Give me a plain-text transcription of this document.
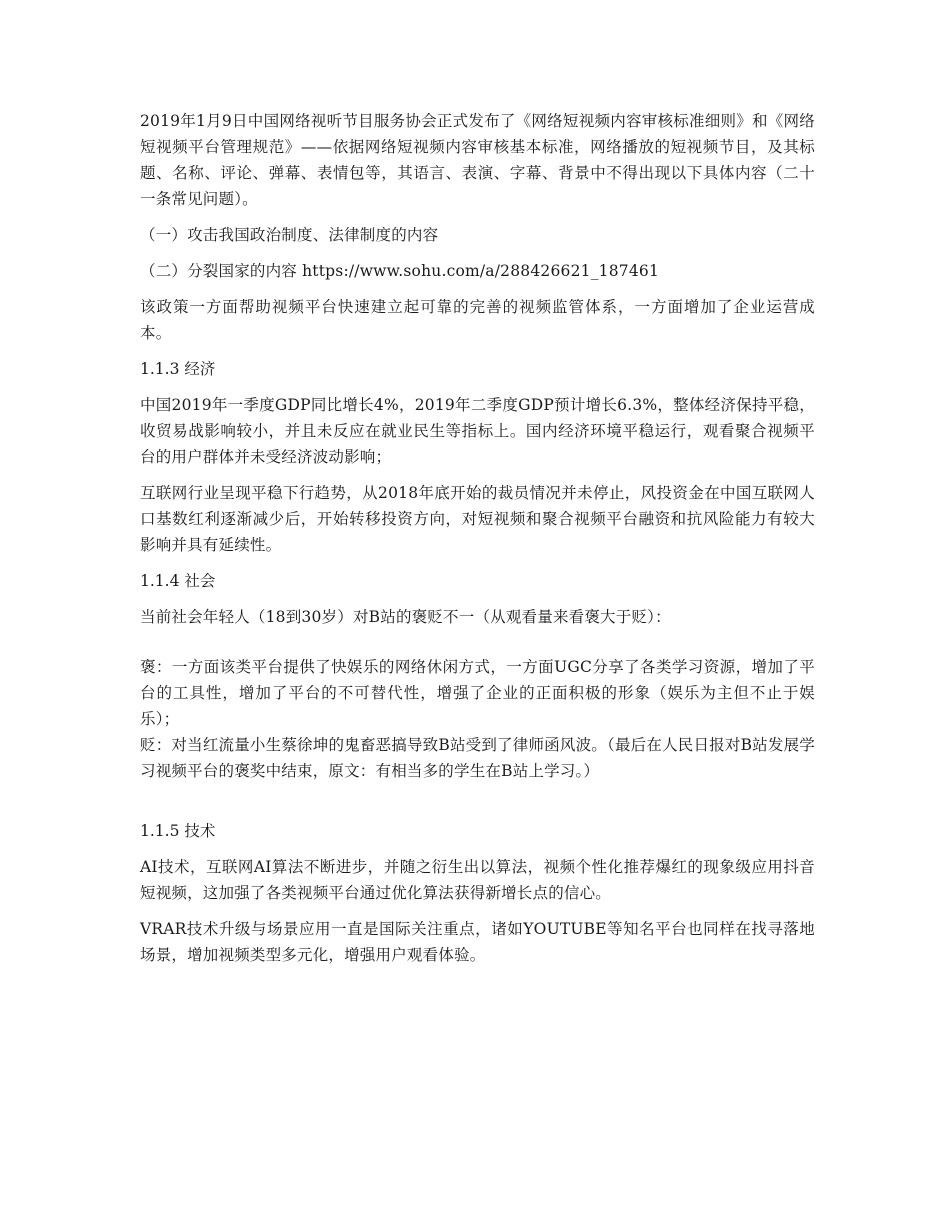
2019年1月9日中国网络视听节目服务协会正式发布了《网络短视频内容审核标准细则》和《网络短视频平台管理规范》——依据网络短视频内容审核基本标准，网络播放的短视频节目，及其标题、名称、评论、弹幕、表情包等，其语言、表演、字幕、背景中不得出现以下具体内容（二十一条常见问题）。

（一）攻击我国政治制度、法律制度的内容

（二）分裂国家的内容 https://www.sohu.com/a/288426621_187461

该政策一方面帮助视频平台快速建立起可靠的完善的视频监管体系，一方面增加了企业运营成本。

1.1.3 经济

中国2019年一季度GDP同比增长4%，2019年二季度GDP预计增长6.3%，整体经济保持平稳，收贸易战影响较小，并且未反应在就业民生等指标上。国内经济环境平稳运行，观看聚合视频平台的用户群体并未受经济波动影响；

互联网行业呈现平稳下行趋势，从2018年底开始的裁员情况并未停止，风投资金在中国互联网人口基数红利逐渐减少后，开始转移投资方向，对短视频和聚合视频平台融资和抗风险能力有较大影响并具有延续性。

1.1.4 社会

当前社会年轻人（18到30岁）对B站的褒贬不一（从观看量来看褒大于贬）：

褒：一方面该类平台提供了快娱乐的网络休闲方式，一方面UGC分享了各类学习资源，增加了平台的工具性，增加了平台的不可替代性，增强了企业的正面积极的形象（娱乐为主但不止于娱乐）；

贬：对当红流量小生蔡徐坤的鬼畜恶搞导致B站受到了律师函风波。（最后在人民日报对B站发展学习视频平台的褒奖中结束，原文：有相当多的学生在B站上学习。）

1.1.5 技术

AI技术，互联网AI算法不断进步，并随之衍生出以算法，视频个性化推荐爆红的现象级应用抖音短视频，这加强了各类视频平台通过优化算法获得新增长点的信心。

VRAR技术升级与场景应用一直是国际关注重点，诸如YOUTUBE等知名平台也同样在找寻落地场景，增加视频类型多元化，增强用户观看体验。
